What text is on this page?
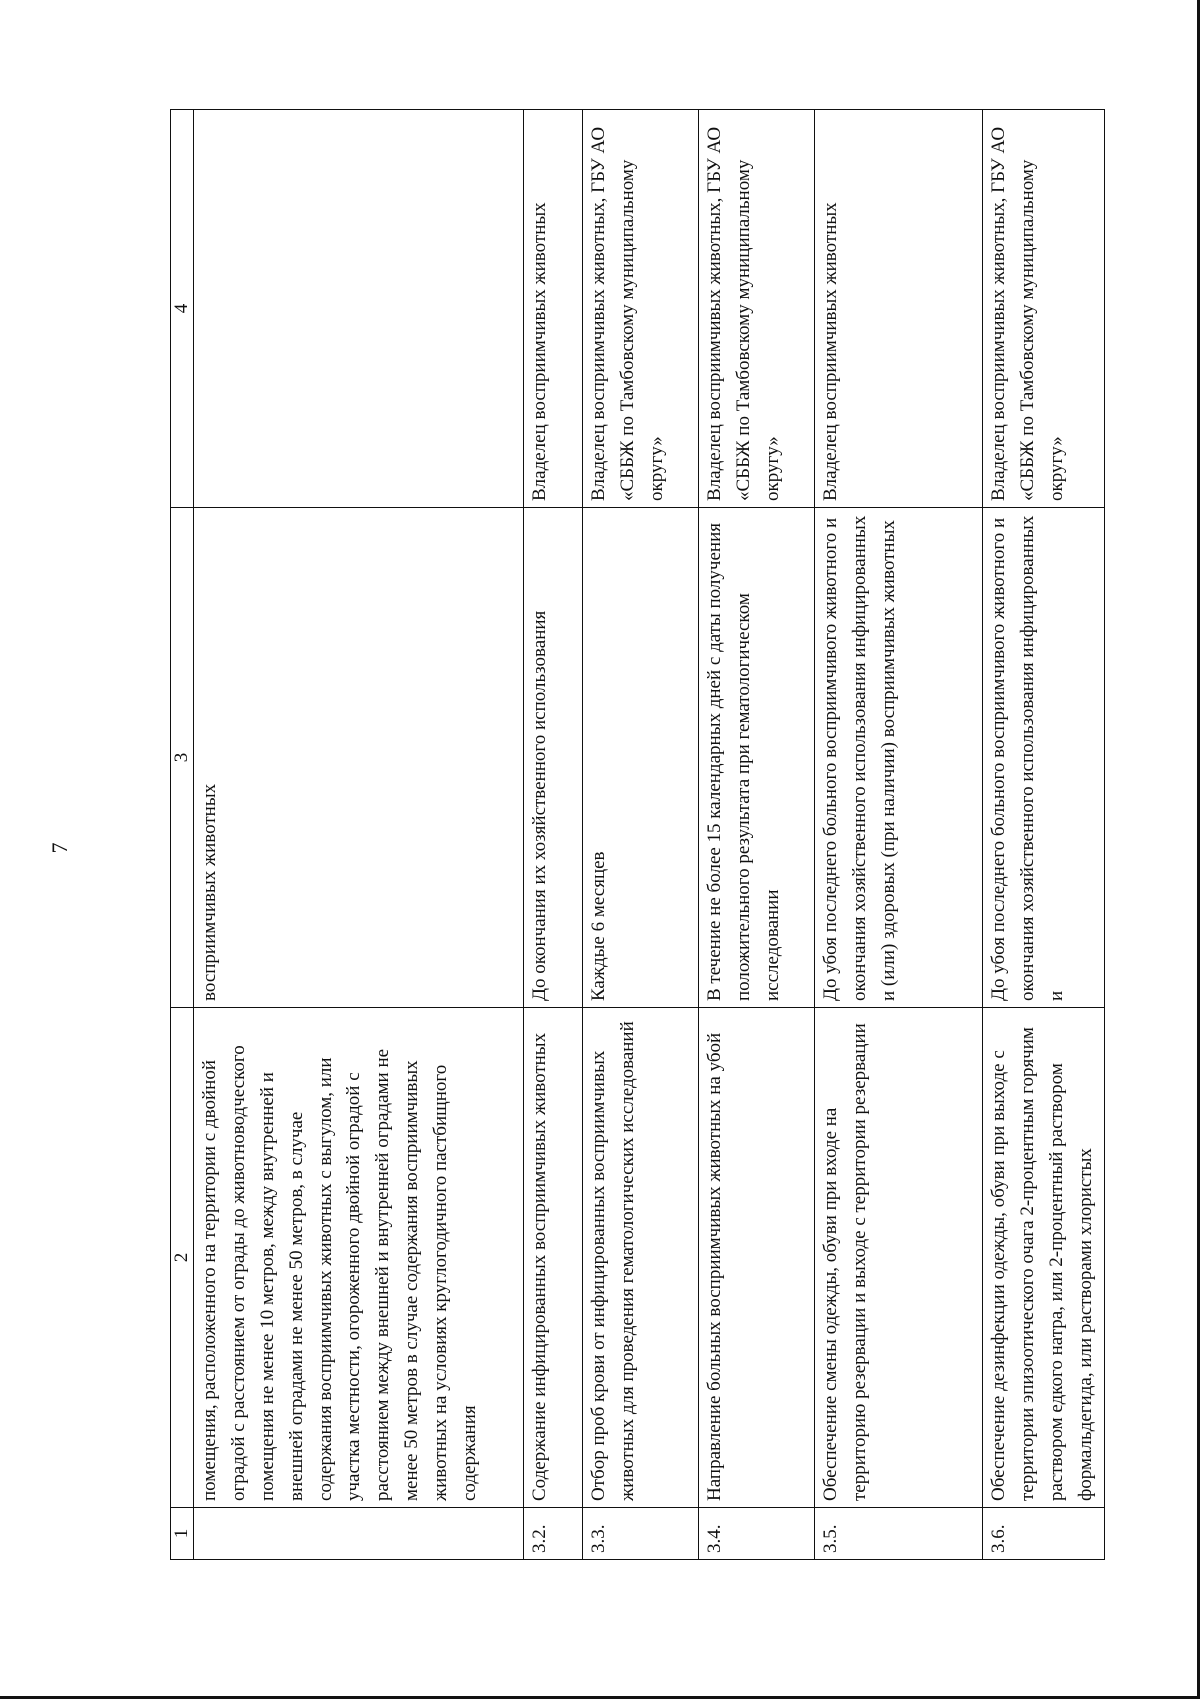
7
1	2	3	4
	помещения, расположенного на территории с двойной оградой с расстоянием от ограды до животноводческого помещения не менее 10 метров, между внутренней и внешней оградами не менее 50 метров, в случае содержания восприимчивых животных с выгулом, или участка местности, огороженного двойной оградой с расстоянием между внешней и внутренней оградами не менее 50 метров в случае содержания восприимчивых животных на условиях круглогодичного пастбищного содержания	восприимчивых животных	
3.2.	Содержание инфицированных восприимчивых животных	До окончания их хозяйственного использования	Владелец восприимчивых животных
3.3.	Отбор проб крови от инфицированных восприимчивых животных для проведения гематологических исследований	Каждые 6 месяцев	Владелец восприимчивых животных, ГБУ АО «СББЖ по Тамбовскому муниципальному округу»
3.4.	Направление больных восприимчивых животных на убой	В течение не более 15 календарных дней с даты получения положительного результата при гематологическом исследовании	Владелец восприимчивых животных, ГБУ АО «СББЖ по Тамбовскому муниципальному округу»
3.5.	Обеспечение смены одежды, обуви при входе на территорию резервации и выходе с территории резервации	До убоя последнего больного восприимчивого животного и окончания хозяйственного использования инфицированных и (или) здоровых (при наличии) восприимчивых животных	Владелец восприимчивых животных
3.6.	Обеспечение дезинфекции одежды, обуви при выходе с территории эпизоотического очага 2-процентным горячим раствором едкого натра, или 2-процентный раствором формальдегида, или растворами хлористых	До убоя последнего больного восприимчивого животного и окончания хозяйственного использования инфицированных и	Владелец восприимчивых животных, ГБУ АО «СББЖ по Тамбовскому муниципальному округу»
